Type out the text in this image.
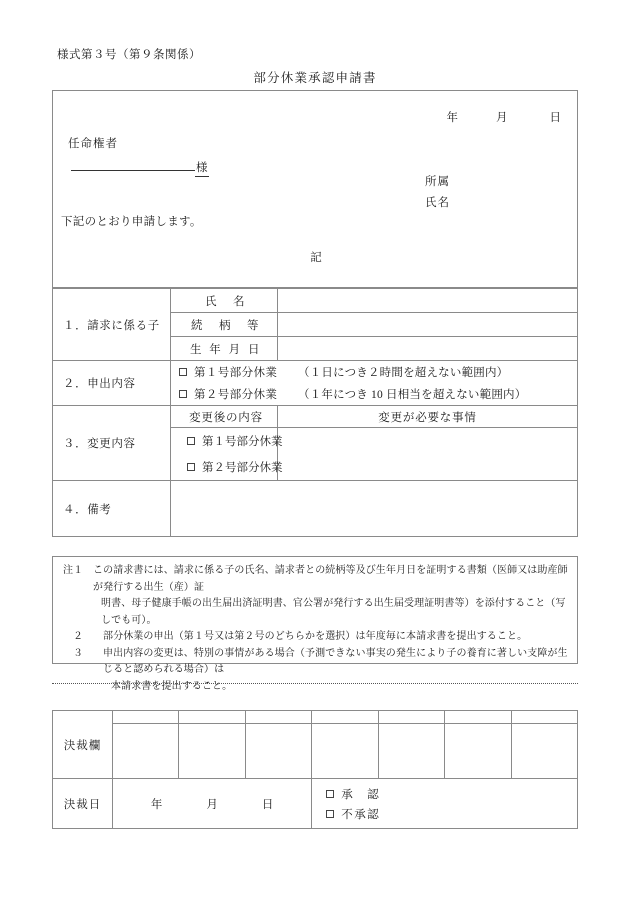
様式第３号（第９条関係）
部分休業承認申請書
年	月	日
任命権者
様
所属
氏名
下記のとおり申請します。
記
１．請求に係る子	氏　名	
	続　柄　等	
	生 年 月 日	
２．申出内容	第１号部分休業 （１日につき２時間を超えない範囲内）
第２号部分休業 （１年につき 10 日相当を超えない範囲内）	

３．変更内容	変更後の内容	変更が必要な事情

	第１号部分休業
第２号部分休業	

４．備考		
注１ この請求書には、請求に係る子の氏名、請求者との続柄等及び生年月日を証明する書類（医師又は助産師が発行する出生（産）証
明書、母子健康手帳の出生届出済証明書、官公署が発行する出生届受理証明書等）を添付すること（写しでも可）。
２	部分休業の申出（第１号又は第２号のどちらかを選択）は年度毎に本請求書を提出すること。
３	申出内容の変更は、特別の事情がある場合（予測できない事実の発生により子の養育に著しい支障が生じると認められる場合）は
本請求書を提出すること。
決裁欄							

決裁日	年 月 日			承　認
不承認			
